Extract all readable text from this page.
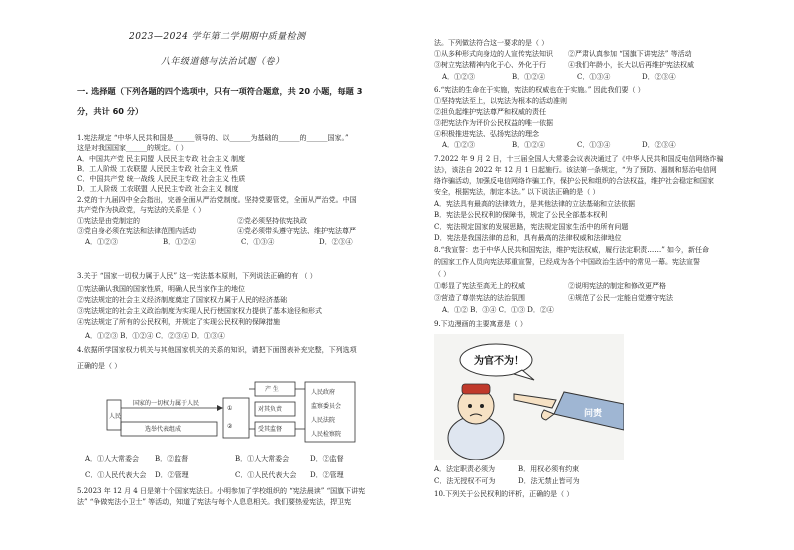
2023—2024 学年第二学期期中质量检测
八年级道德与法治试题（卷）
一. 选择题（下列各题的四个选项中，只有一项符合题意，共 20 小题，每题 3
分，共计 60 分）
1.宪法规定 “中华人民共和国是______领导的、以______为基础的______的______国家。”
这是对我国国家______的规定。（ ）
A．中国共产党 民主同盟 人民民主专政 社会主义 制度
B．工人阶级 工农联盟 人民民主专政 社会主义 性质
C．中国共产党 统一战线 人民民主专政 社会主义 性质
D．工人阶级 工农联盟 人民民主专政 社会主义 制度
2.党的十九届四中全会指出，完善全面从严治党制度。坚持党要管党，全面从严治党。中国
共产党作为执政党，与宪法的关系是（ ）
①宪法是由党制定的	②党必须坚持依宪执政
③党自身必须在宪法和法律范围内活动	④党必须带头遵守宪法、维护宪法尊严
A．①②③	B．①②④	C．①③④	D．②③④
3.关于 “国家一切权力属于人民” 这一宪法基本原则，下列说法正确的有 （ ）
①宪法确认我国的国家性质，明确人民当家作主的地位
②宪法规定的社会主义经济制度奠定了国家权力属于人民的经济基础
③宪法规定的社会主义政治制度为实现人民行使国家权力提供了基本途径和形式
④宪法规定了所有的公民权利，并规定了实现公民权利的保障措施
A．①②③ B．①②④ C．②③④ D．①③④
4.依据所学国家权力机关与其他国家机关的关系的知识，请把下面图表补充完整，下列选项
正确的是（ ）
A．①人大常委会 B．②监督	B．①人大常委会	D．②监督
C．①人民代表大会 D．②管理	C．①人民代表大会 D．②管理
5.2023 年 12 月 4 日是第十个国家宪法日。小明参加了学校组织的 “宪法晨读” “国旗下讲宪
法” “争做宪法小卫士” 等活动，知道了宪法与每个人息息相关。我们要热爱宪法，捍卫宪
人民
国家的一切权力属于人民
选举代表组成
①
②
产 生
对其负责
受其监督
人民政府
监察委员会
人民法院
人民检察院
法。下列做法符合这一要求的是（ ）
①从多种形式向身边的人宣传宪法知识 ②严肃认真参加 “国旗下讲宪法” 等活动
③树立宪法精神内化于心、外化于行	④我们年龄小，长大以后再维护宪法权威
A．①②③	B．①②④	C．①③④	D．②③④
6.“宪法的生命在于实施，宪法的权威也在于实施。” 因此我们要（ ）
①坚持宪法至上，以宪法为根本的活动准则
②担负起维护宪法尊严和权威的责任
③把宪法作为评价公民权益的唯一依据
④积极推进宪法、弘扬宪法的理念
A．①②③	B．①②④	C．①③④	D．②③④
7.2022 年 9 月 2 日，十三届全国人大常委会议表决通过了《中华人民共和国反电信网络诈骗
法》，该法自 2022 年 12 月 1 日起施行。该法第一条规定，“为了预防、遏制和惩治电信网
络诈骗活动，加强反电信网络诈骗工作，保护公民和组织的合法权益，维护社会稳定和国家
安全，根据宪法，制定本法。” 以下说法正确的是（ ）
A．宪法具有最高的法律效力，是其他法律的立法基础和立法依据
B．宪法是公民权利的保障书，规定了公民全部基本权利
C．宪法规定国家的发展思路，宪法规定国家生活中的所有问题
D．宪法是我国法律的总和，具有最高的法律权威和法律地位
8.“我宣誓：忠于中华人民共和国宪法，维护宪法权威，履行法定职责……” 如今，新任命
的国家工作人员向宪法郑重宣誓，已经成为各个中国政治生活中的常见一幕。宪法宣誓
（ ）
①彰显了宪法至高无上的权威	②说明宪法的制定和修改更严格
③营造了尊崇宪法的法治氛围	④规范了公民一定能自觉遵守宪法
A．①② B．③④ C．①③ D．②④
9.下边漫画的主要寓意是（ ）
A．法定职责必须为	B．用权必须有约束
C．法无授权不可为	D．法无禁止皆可为
10.下列关于公民权利的评析，正确的是（ ）
为官不为！
问责
